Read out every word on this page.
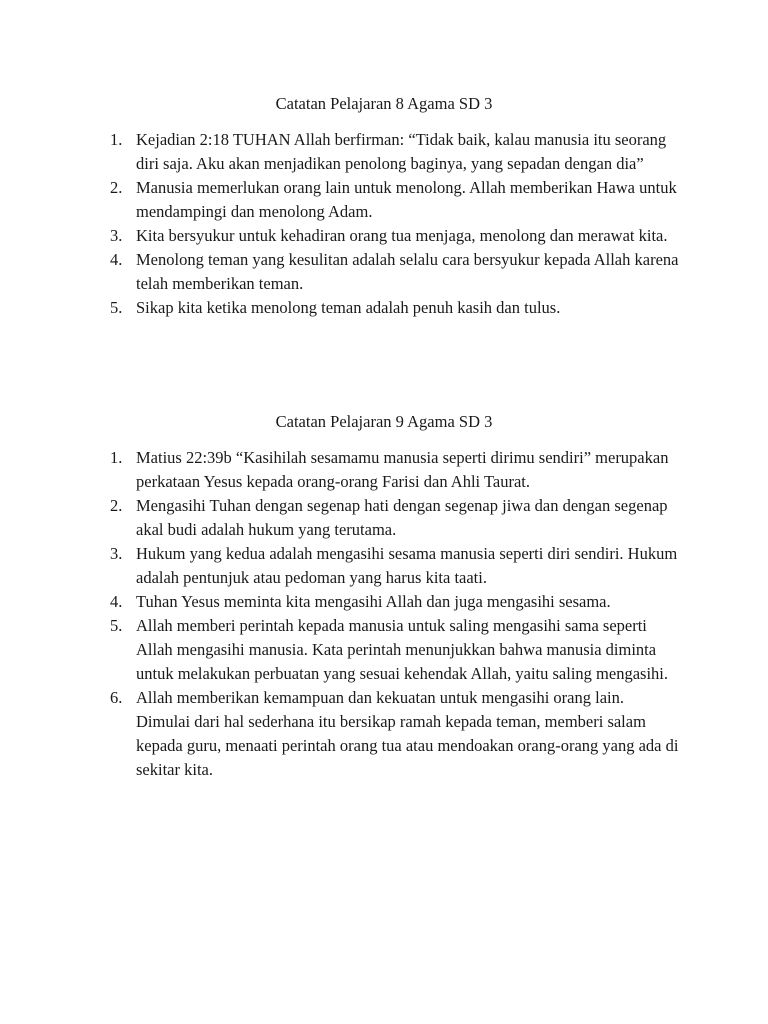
Catatan Pelajaran 8 Agama SD 3
1. Kejadian 2:18 TUHAN Allah berfirman: “Tidak baik, kalau manusia itu seorang diri saja. Aku akan menjadikan penolong baginya, yang sepadan dengan dia”
2. Manusia memerlukan orang lain untuk menolong. Allah memberikan Hawa untuk mendampingi dan menolong Adam.
3. Kita bersyukur untuk kehadiran orang tua menjaga, menolong dan merawat kita.
4. Menolong teman yang kesulitan adalah selalu cara bersyukur kepada Allah karena telah memberikan teman.
5. Sikap kita ketika menolong teman adalah penuh kasih dan tulus.
Catatan Pelajaran 9 Agama SD 3
1. Matius 22:39b “Kasihilah sesamamu manusia seperti dirimu sendiri” merupakan perkataan Yesus kepada orang-orang Farisi dan Ahli Taurat.
2. Mengasihi Tuhan dengan segenap hati dengan segenap jiwa dan dengan segenap akal budi adalah hukum yang terutama.
3. Hukum yang kedua adalah mengasihi sesama manusia seperti diri sendiri. Hukum adalah pentunjuk atau pedoman yang harus kita taati.
4. Tuhan Yesus meminta kita mengasihi Allah dan juga mengasihi sesama.
5. Allah memberi perintah kepada manusia untuk saling mengasihi sama seperti Allah mengasihi manusia. Kata perintah menunjukkan bahwa manusia diminta untuk melakukan perbuatan yang sesuai kehendak Allah, yaitu saling mengasihi.
6. Allah memberikan kemampuan dan kekuatan untuk mengasihi orang lain. Dimulai dari hal sederhana itu bersikap ramah kepada teman, memberi salam kepada guru, menaati perintah orang tua atau mendoakan orang-orang yang ada di sekitar kita.
